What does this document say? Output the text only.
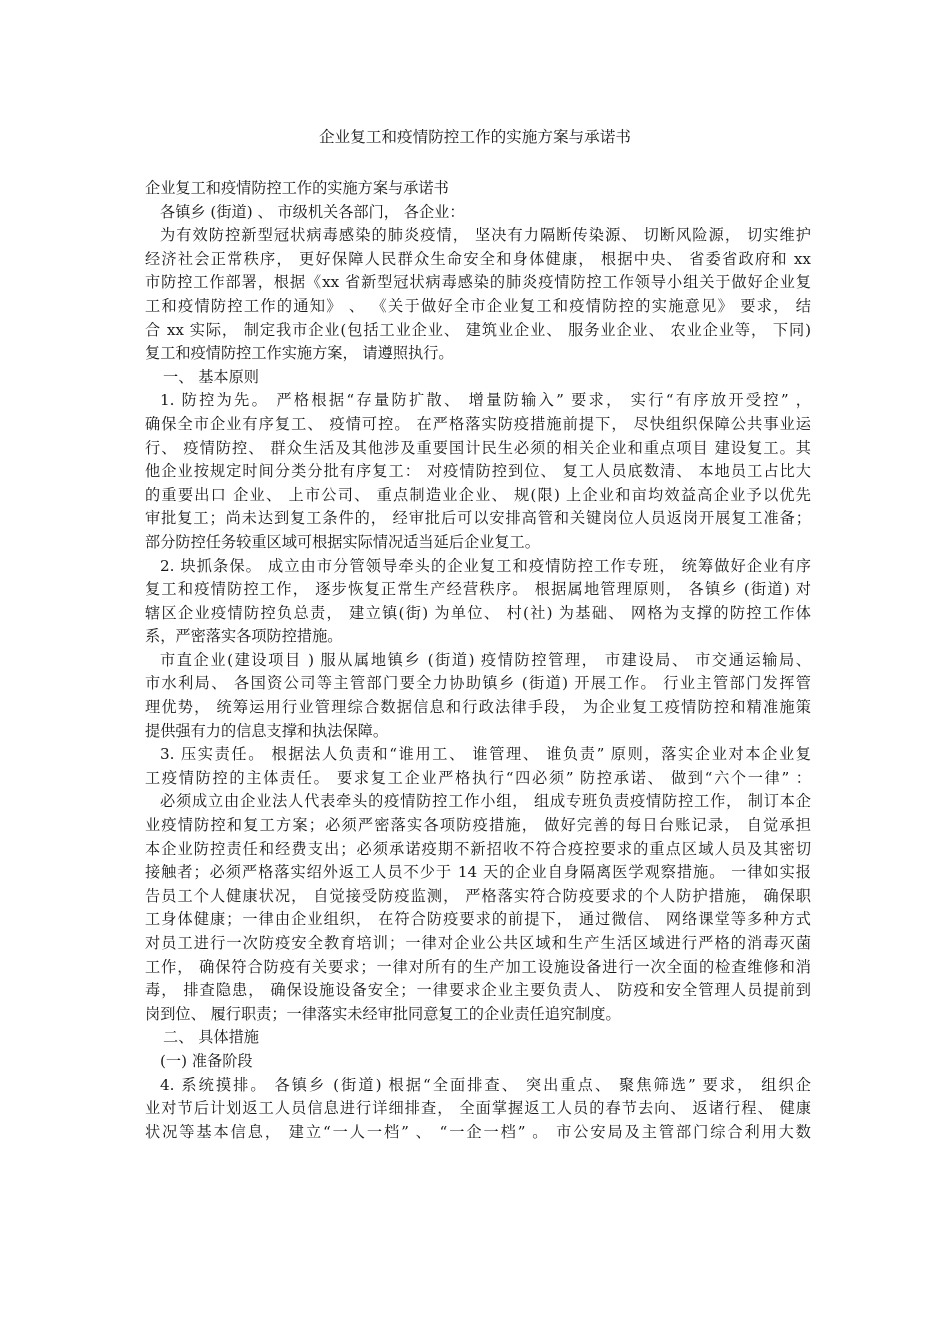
企业复工和疫情防控工作的实施方案与承诺书
企业复工和疫情防控工作的实施方案与承诺书
各镇乡 (街道) 、 市级机关各部门， 各企业：
为有效防控新型冠状病毒感染的肺炎疫情， 坚决有力隔断传染源、 切断风险源， 切实维护
经济社会正常秩序， 更好保障人民群众生命安全和身体健康， 根据中央、 省委省政府和 xx
市防控工作部署，根据《xx 省新型冠状病毒感染的肺炎疫情防控工作领导小组关于做好企业复
工和疫情防控工作的通知》 、 《关于做好全市企业复工和疫情防控的实施意见》 要求， 结
合 xx 实际， 制定我市企业(包括工业企业、 建筑业企业、 服务业企业、 农业企业等， 下同)
复工和疫情防控工作实施方案， 请遵照执行。
一、 基本原则
1. 防控为先。 严格根据“存量防扩散、 增量防输入” 要求， 实行“有序放开受控” ，
确保全市企业有序复工、 疫情可控。 在严格落实防疫措施前提下， 尽快组织保障公共事业运
行、 疫情防控、 群众生活及其他涉及重要国计民生必须的相关企业和重点项目 建设复工。其
他企业按规定时间分类分批有序复工： 对疫情防控到位、 复工人员底数清、 本地员工占比大
的重要出口 企业、 上市公司、 重点制造业企业、 规(限) 上企业和亩均效益高企业予以优先
审批复工；尚未达到复工条件的， 经审批后可以安排高管和关键岗位人员返岗开展复工准备；
部分防控任务较重区域可根据实际情况适当延后企业复工。
2. 块抓条保。 成立由市分管领导牵头的企业复工和疫情防控工作专班， 统筹做好企业有序
复工和疫情防控工作， 逐步恢复正常生产经营秩序。 根据属地管理原则， 各镇乡 (街道) 对
辖区企业疫情防控负总责， 建立镇(街) 为单位、 村(社) 为基础、 网格为支撑的防控工作体
系，严密落实各项防控措施。
市直企业(建设项目 ) 服从属地镇乡 (街道) 疫情防控管理， 市建设局、 市交通运输局、
市水利局、 各国资公司等主管部门要全力协助镇乡 (街道) 开展工作。 行业主管部门发挥管
理优势， 统筹运用行业管理综合数据信息和行政法律手段， 为企业复工疫情防控和精准施策
提供强有力的信息支撑和执法保障。
3. 压实责任。 根据法人负责和“谁用工、 谁管理、 谁负责” 原则，落实企业对本企业复
工疫情防控的主体责任。 要求复工企业严格执行“四必须” 防控承诺、 做到“六个一律” ：
必须成立由企业法人代表牵头的疫情防控工作小组， 组成专班负责疫情防控工作， 制订本企
业疫情防控和复工方案；必须严密落实各项防疫措施， 做好完善的每日台账记录， 自觉承担
本企业防控责任和经费支出；必须承诺疫期不新招收不符合疫控要求的重点区域人员及其密切
接触者；必须严格落实绍外返工人员不少于 14 天的企业自身隔离医学观察措施。 一律如实报
告员工个人健康状况， 自觉接受防疫监测， 严格落实符合防疫要求的个人防护措施， 确保职
工身体健康；一律由企业组织， 在符合防疫要求的前提下， 通过微信、 网络课堂等多种方式
对员工进行一次防疫安全教育培训；一律对企业公共区域和生产生活区域进行严格的消毒灭菌
工作， 确保符合防疫有关要求；一律对所有的生产加工设施设备进行一次全面的检查维修和消
毒， 排查隐患， 确保设施设备安全；一律要求企业主要负责人、 防疫和安全管理人员提前到
岗到位、 履行职责；一律落实未经审批同意复工的企业责任追究制度。
二、 具体措施
(一) 准备阶段
4. 系统摸排。 各镇乡 (街道) 根据“全面排查、 突出重点、 聚焦筛选” 要求， 组织企
业对节后计划返工人员信息进行详细排查， 全面掌握返工人员的春节去向、 返诸行程、 健康
状况等基本信息， 建立“一人一档” 、 “一企一档” 。 市公安局及主管部门综合利用大数
